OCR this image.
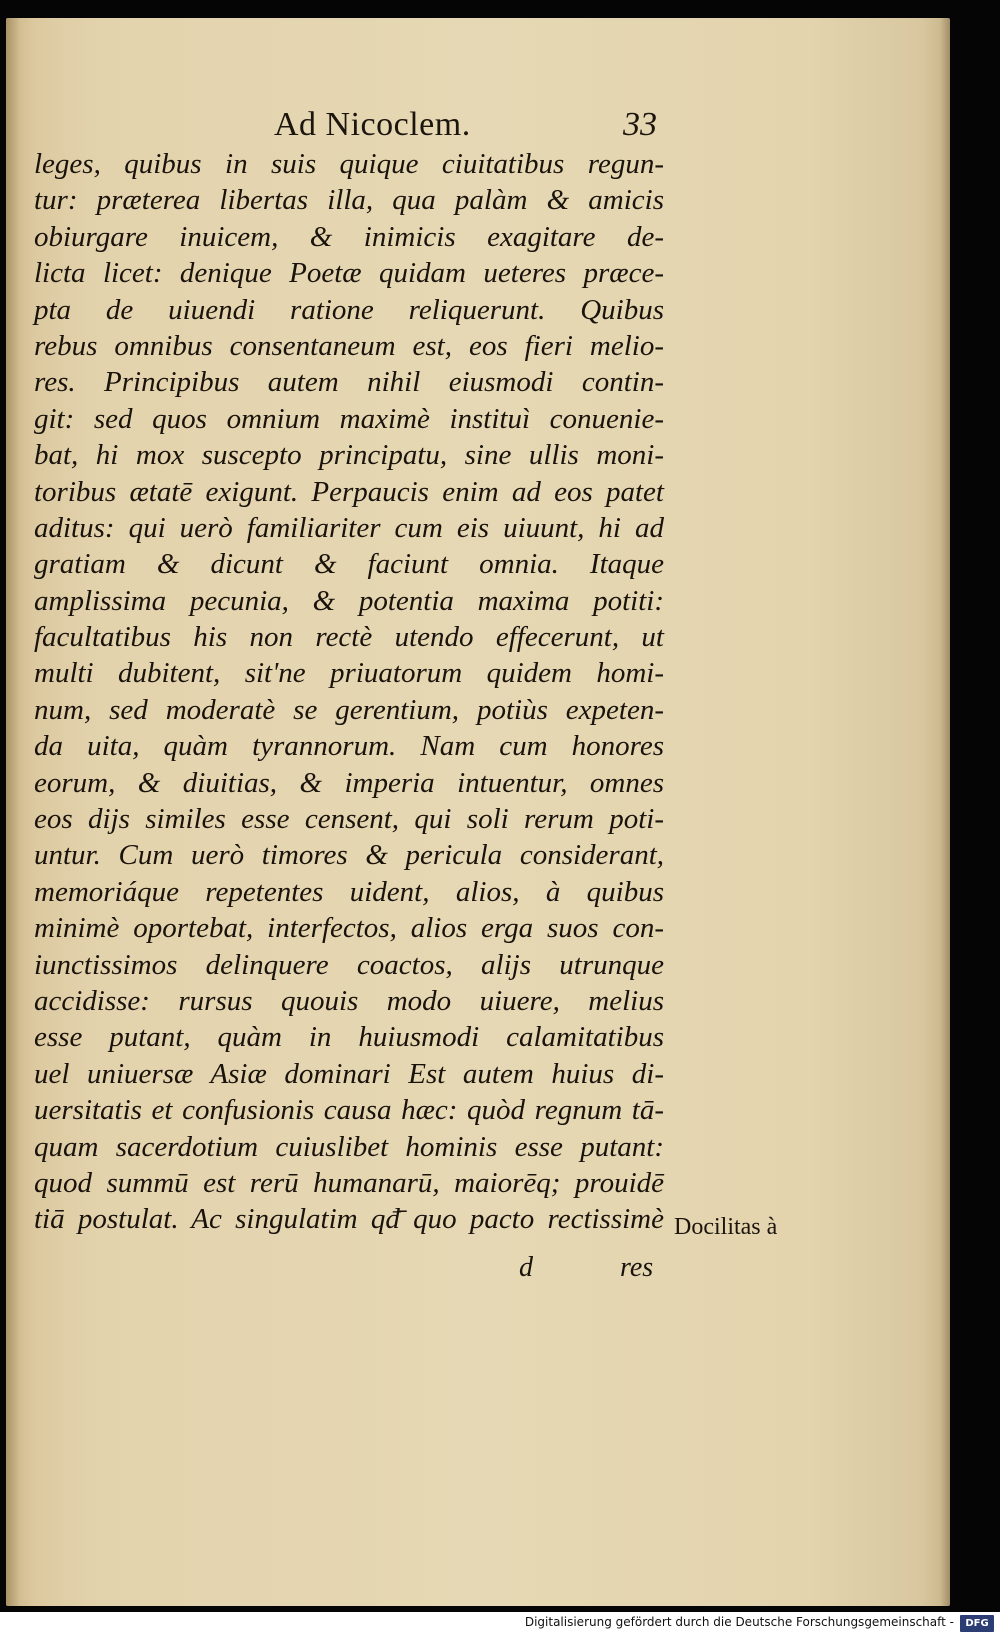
Ad Nicoclem.	33
leges, quibus in suis quique ciuitatibus regun-
tur: præterea libertas illa, qua palàm & amicis
obiurgare inuicem, & inimicis exagitare de-
licta licet: denique Poetæ quidam ueteres præce-
pta de uiuendi ratione reliquerunt. Quibus
rebus omnibus consentaneum est, eos fieri melio-
res. Principibus autem nihil eiusmodi contin-
git: sed quos omnium maximè instituì conuenie-
bat, hi mox suscepto principatu, sine ullis moni-
toribus ætatē exigunt. Perpaucis enim ad eos patet
aditus: qui uerò familiariter cum eis uiuunt, hi ad
gratiam & dicunt & faciunt omnia. Itaque
amplissima pecunia, & potentia maxima potiti:
facultatibus his non rectè utendo effecerunt, ut
multi dubitent, sit'ne priuatorum quidem homi-
num, sed moderatè se gerentium, potiùs expeten-
da uita, quàm tyrannorum. Nam cum honores
eorum, & diuitias, & imperia intuentur, omnes
eos dijs similes esse censent, qui soli rerum poti-
untur. Cum uerò timores & pericula considerant,
memoriáque repetentes uident, alios, à quibus
minimè oportebat, interfectos, alios erga suos con-
iunctissimos delinquere coactos, alijs utrunque
accidisse: rursus quouis modo uiuere, melius
esse putant, quàm in huiusmodi calamitatibus
uel uniuersæ Asiæ dominari Est autem huius di-
uersitatis et confusionis causa hæc: quòd regnum tā-
quam sacerdotium cuiuslibet hominis esse putant:
quod summū est rerū humanarū, maiorēq; prouidē
tiā postulat. Ac singulatim qđ̄ quo pacto rectissimè Docilitas à
d	res
Digitalisierung gefördert durch die Deutsche Forschungsgemeinschaft -	DFG
